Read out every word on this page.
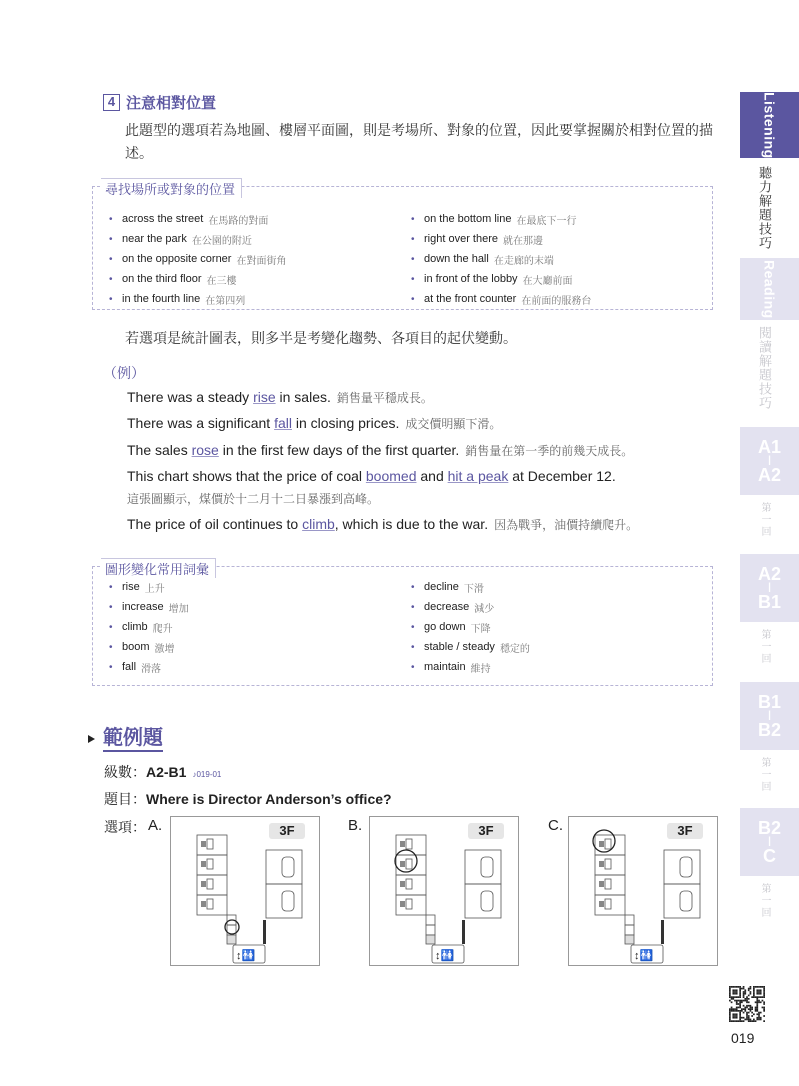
4 注意相對位置
此題型的選項若為地圖、樓層平面圖，則是考場所、對象的位置，因此要掌握關於相對位置的描述。
尋找場所或對象的位置
• across the street 在馬路的對面
• near the park 在公園的附近
• on the opposite corner 在對面街角
• on the third floor 在三樓
• in the fourth line 在第四列
• on the bottom line 在最底下一行
• right over there 就在那邊
• down the hall 在走廊的末端
• in front of the lobby 在大廳前面
• at the front counter 在前面的服務台
若選項是統計圖表，則多半是考變化趨勢、各項目的起伏變動。
（例）
There was a steady rise in sales. 銷售量平穩成長。
There was a significant fall in closing prices. 成交價明顯下滑。
The sales rose in the first few days of the first quarter. 銷售量在第一季的前幾天成長。
This chart shows that the price of coal boomed and hit a peak at December 12.
這張圖顯示，煤價於十二月十二日暴漲到高峰。
The price of oil continues to climb, which is due to the war. 因為戰爭，油價持續爬升。
圖形變化常用詞彙
• rise 上升
• increase 增加
• climb 爬升
• boom 激增
• fall 滑落
• decline 下滑
• decrease 減少
• go down 下降
• stable / steady 穩定的
• maintain 維持
範例題
級數： A2-B1 ♪019-01
題目： Where is Director Anderson’s office?
選項： A.	B.	C.
↕🚻
3F
↕🚻
3F
↕🚻
3F
Listening
聽力解題技巧
Reading
閱讀解題技巧
A1
|
A2
第一回
A2
|
B1
第一回
B1
|
B2
第一回
B2
|
C
第一回
019
